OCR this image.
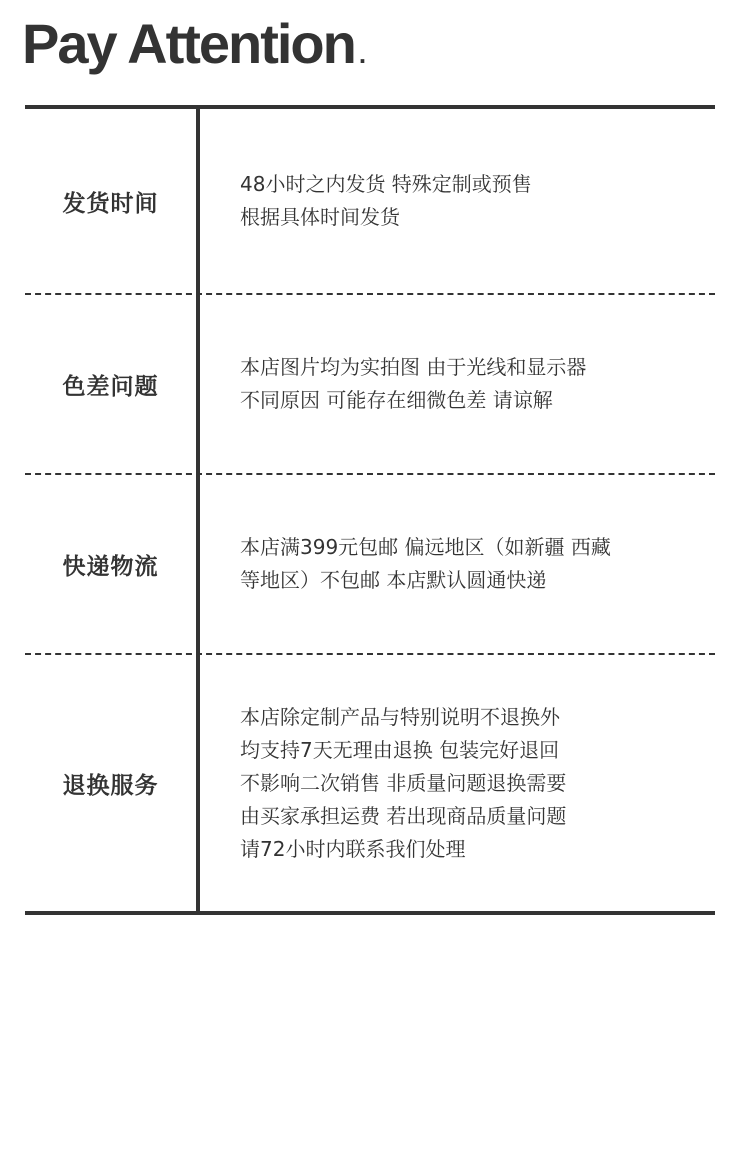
Pay Attention .
发货时间
48小时之内发货 特殊定制或预售
根据具体时间发货
色差问题
本店图片均为实拍图 由于光线和显示器
不同原因 可能存在细微色差 请谅解
快递物流
本店满399元包邮 偏远地区（如新疆 西藏
等地区）不包邮 本店默认圆通快递
退换服务
本店除定制产品与特别说明不退换外
均支持7天无理由退换 包装完好退回
不影响二次销售 非质量问题退换需要
由买家承担运费 若出现商品质量问题
请72小时内联系我们处理
